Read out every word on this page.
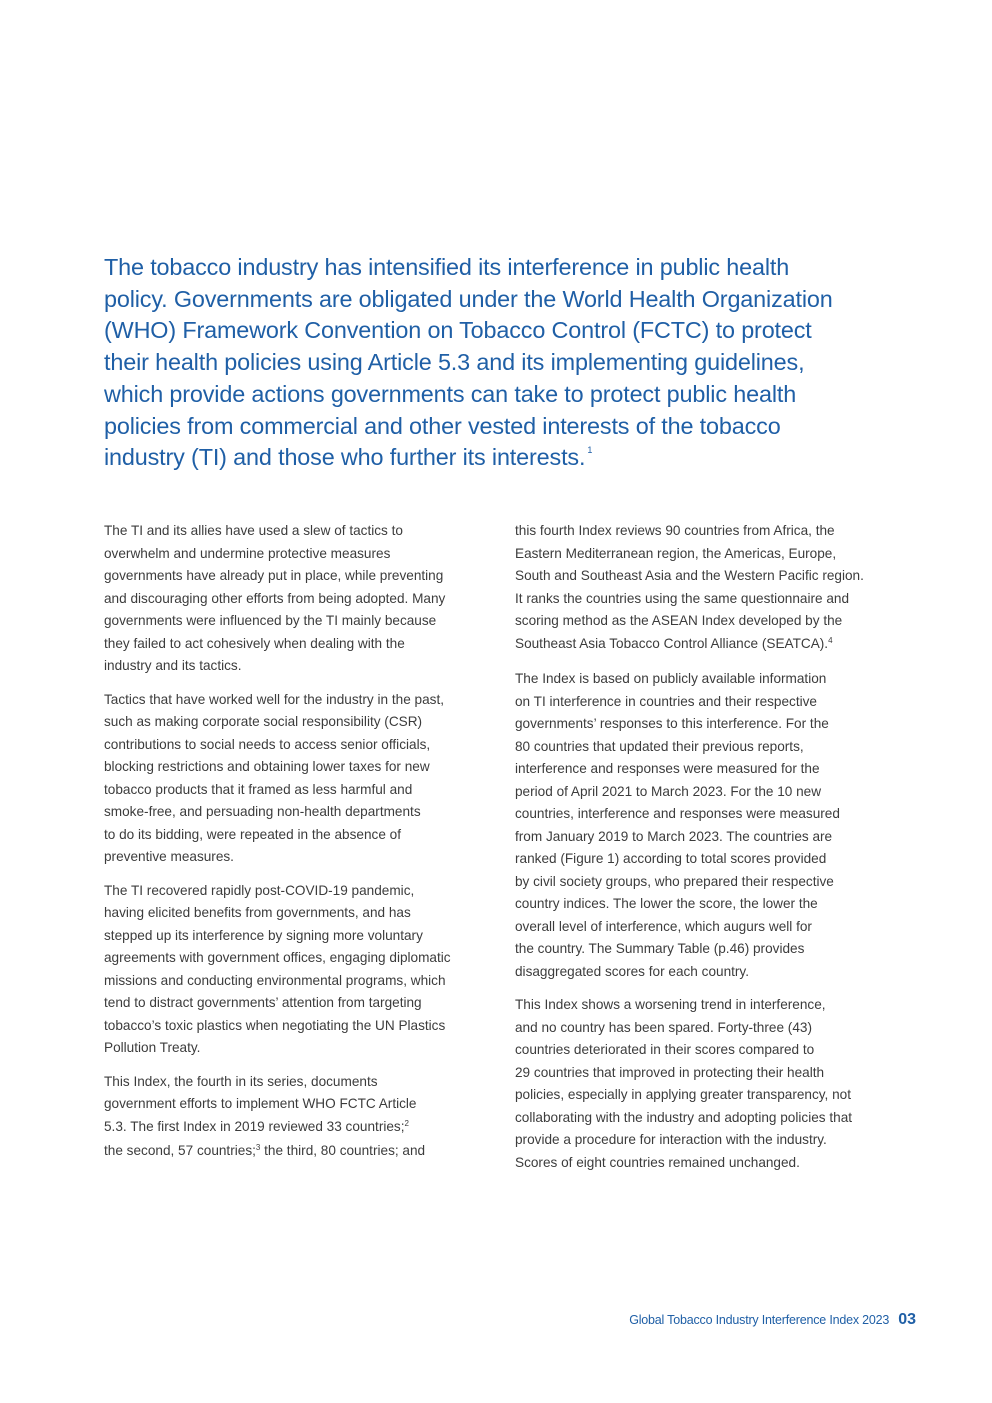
The tobacco industry has intensified its interference in public health
policy. Governments are obligated under the World Health Organization
(WHO) Framework Convention on Tobacco Control (FCTC) to protect
their health policies using Article 5.3 and its implementing guidelines,
which provide actions governments can take to protect public health
policies from commercial and other vested interests of the tobacco
industry (TI) and those who further its interests. $^1$

The TI and its allies have used a slew of tactics to
overwhelm and undermine protective measures
governments have already put in place, while preventing
and discouraging other efforts from being adopted. Many
governments were influenced by the TI mainly because
they failed to act cohesively when dealing with the
industry and its tactics.

Tactics that have worked well for the industry in the past,
such as making corporate social responsibility (CSR)
contributions to social needs to access senior officials,
blocking restrictions and obtaining lower taxes for new
tobacco products that it framed as less harmful and
smoke-free, and persuading non-health departments
to do its bidding, were repeated in the absence of
preventive measures.

The TI recovered rapidly post-COVID-19 pandemic,
having elicited benefits from governments, and has
stepped up its interference by signing more voluntary
agreements with government offices, engaging diplomatic
missions and conducting environmental programs, which
tend to distract governments’ attention from targeting
tobacco’s toxic plastics when negotiating the UN Plastics
Pollution Treaty.

This Index, the fourth in its series, documents
government efforts to implement WHO FCTC Article
5.3. The first Index in 2019 reviewed 33 countries;$^2$
the second, 57 countries;$^3$ the third, 80 countries; and

this fourth Index reviews 90 countries from Africa, the
Eastern Mediterranean region, the Americas, Europe,
South and Southeast Asia and the Western Pacific region.
It ranks the countries using the same questionnaire and
scoring method as the ASEAN Index developed by the
Southeast Asia Tobacco Control Alliance (SEATCA).$^4$

The Index is based on publicly available information
on TI interference in countries and their respective
governments’ responses to this interference. For the
80 countries that updated their previous reports,
interference and responses were measured for the
period of April 2021 to March 2023. For the 10 new
countries, interference and responses were measured
from January 2019 to March 2023. The countries are
ranked (Figure 1) according to total scores provided
by civil society groups, who prepared their respective
country indices. The lower the score, the lower the
overall level of interference, which augurs well for
the country. The Summary Table (p.46) provides
disaggregated scores for each country.

This Index shows a worsening trend in interference,
and no country has been spared. Forty-three (43)
countries deteriorated in their scores compared to
29 countries that improved in protecting their health
policies, especially in applying greater transparency, not
collaborating with the industry and adopting policies that
provide a procedure for interaction with the industry.
Scores of eight countries remained unchanged.

Global Tobacco Industry Interference Index 2023 03
